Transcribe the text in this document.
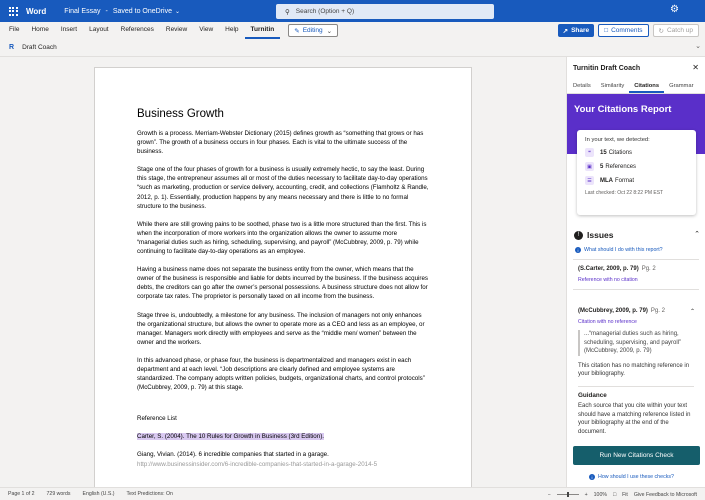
Word	Final Essay - Saved to OneDrive ⌄	⚲ Search (Option + Q)	⚙
File	Home	Insert	Layout	References	Review	View	Help	Turnitin	✎ Editing ⌄	↗ Share □ Comments ↻ Catch up
R Draft Coach	⌄
Business Growth

Growth is a process. Merriam-Webster Dictionary (2015) defines growth as “something that grows or has grown”. The growth of a business occurs in four phases. Each is vital to the ultimate success of the business.

Stage one of the four phases of growth for a business is usually extremely hectic, to say the least. During this stage, the entrepreneur assumes all or most of the duties necessary to facilitate day-to-day operations “such as marketing, production or service delivery, accounting, credit, and collections (Flamholtz & Randle, 2012, p. 1). Essentially, production happens by any means necessary and there is little to no formal structure to the business.

While there are still growing pains to be soothed, phase two is a little more structured than the first. This is when the incorporation of more workers into the organization allows the owner to assume more “managerial duties such as hiring, scheduling, supervising, and payroll” (McCubbrey, 2009, p. 79) while continuing to facilitate day-to-day operations as an employee.

Having a business name does not separate the business entity from the owner, which means that the owner of the business is responsible and liable for debts incurred by the business. If the business acquires debts, the creditors can go after the owner’s personal possessions. A business structure does not allow for corporate tax rates. The proprietor is personally taxed on all income from the business.

Stage three is, undoubtedly, a milestone for any business. The inclusion of managers not only enhances the organizational structure, but allows the owner to operate more as a CEO and less as an employee, or manager. Managers work directly with employees and serve as the “middle men/ women” between the owner and the workers.

In this advanced phase, or phase four, the business is departmentalized and managers exist in each department and at each level. “Job descriptions are clearly defined and employee systems are standardized. The company adopts written policies, budgets, organizational charts, and control protocols” (McCubbrey, 2009, p. 79) at this stage.

Reference List

Carter, S. (2004). The 10 Rules for Growth in Business (3rd Edition).

Giang, Vivian. (2014). 6 incredible companies that started in a garage.

http://www.businessinsider.com/6-incredible-companies-that-started-in-a-garage-2014-5

Turnitin Draft Coach	✕
Details	Similarity	Citations	Grammar
Your Citations Report
In your text, we detected:
❝	15 Citations
▣	5 References
☰	MLA Format
Last checked: Oct 22 8:22 PM EST
! Issues	⌃
i	What should I do with this report?
(S.Carter, 2009, p. 79) Pg. 2
Reference with no citation
⌃
(McCubbrey, 2009, p. 79) Pg. 2
Citation with no reference
...“managerial duties such as hiring, scheduling, supervising, and payroll” (McCubbrey, 2009, p. 79)
This citation has no matching reference in your bibliography.
Guidance
Each source that you cite within your text should have a matching reference listed in your bibliography at the end of the document.
Run New Citations Check
i	How should I use these checks?
Page 1 of 2 729 words English (U.S.) Text Predictions: On	−	+ 100% □ Fit Give Feedback to Microsoft
